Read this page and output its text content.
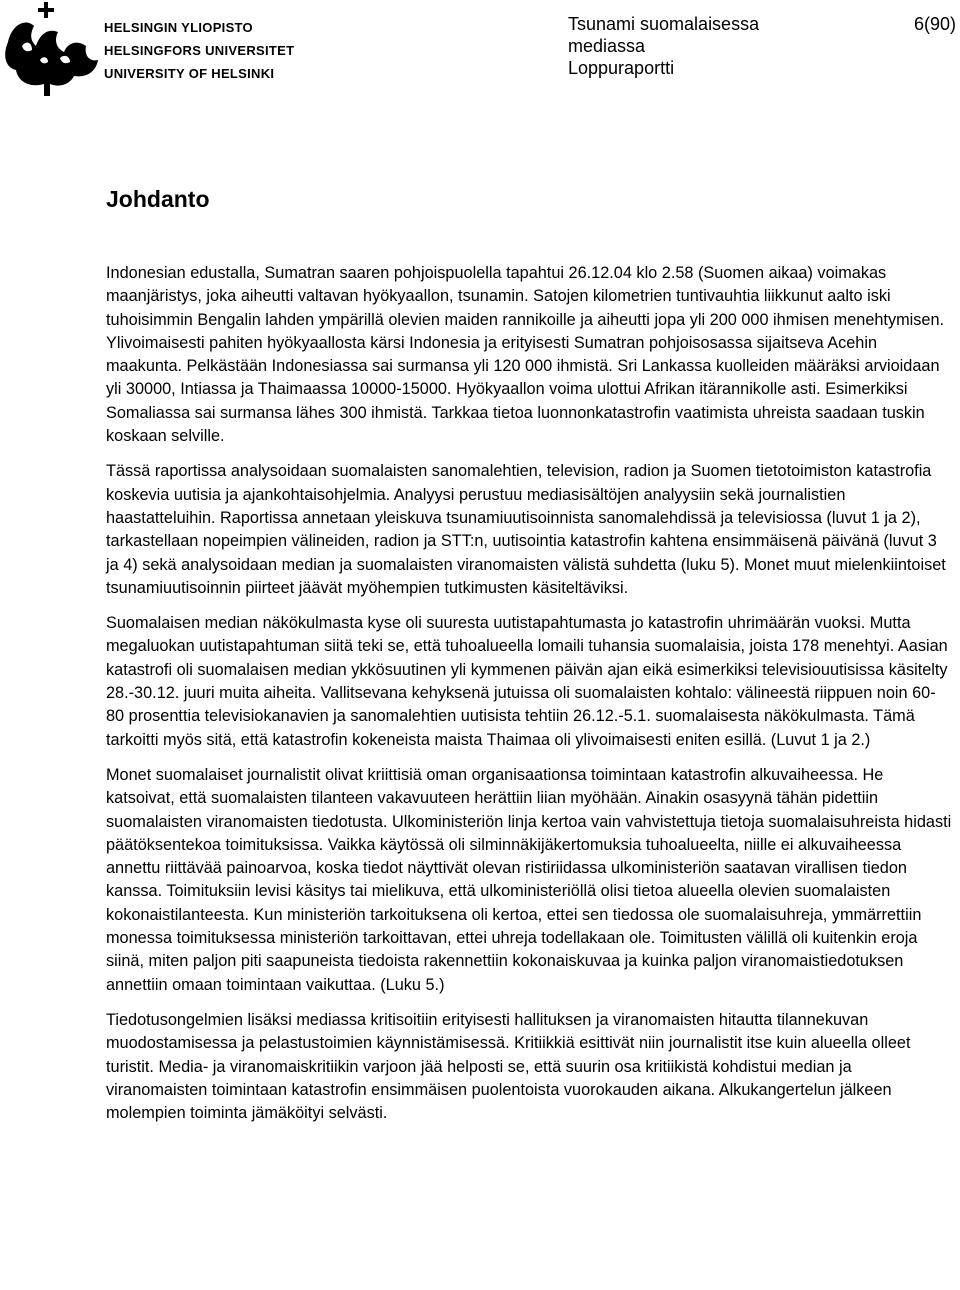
HELSINGIN YLIOPISTO
HELSINGFORS UNIVERSITET
UNIVERSITY OF HELSINKI
Tsunami suomalaisessa
mediassa
Loppuraportti
6(90)
Johdanto

Indonesian edustalla, Sumatran saaren pohjoispuolella tapahtui 26.12.04 klo 2.58 (Suomen aikaa) voimakas maanjäristys, joka aiheutti valtavan hyökyaallon, tsunamin. Satojen kilometrien tuntivauhtia liikkunut aalto iski tuhoisimmin Bengalin lahden ympärillä olevien maiden rannikoille ja aiheutti jopa yli 200 000 ihmisen menehtymisen. Ylivoimaisesti pahiten hyökyaallosta kärsi Indonesia ja erityisesti Sumatran pohjoisosassa sijaitseva Acehin maakunta. Pelkästään Indonesiassa sai surmansa yli 120 000 ihmistä. Sri Lankassa kuolleiden määräksi arvioidaan yli 30000, Intiassa ja Thaimaassa 10000-15000. Hyökyaallon voima ulottui Afrikan itärannikolle asti. Esimerkiksi Somaliassa sai surmansa lähes 300 ihmistä. Tarkkaa tietoa luonnonkatastrofin vaatimista uhreista saadaan tuskin koskaan selville.

Tässä raportissa analysoidaan suomalaisten sanomalehtien, television, radion ja Suomen tietotoimiston katastrofia koskevia uutisia ja ajankohtaisohjelmia. Analyysi perustuu mediasisältöjen analyysiin sekä journalistien haastatteluihin. Raportissa annetaan yleiskuva tsunamiuutisoinnista sanomalehdissä ja televisiossa (luvut 1 ja 2), tarkastellaan nopeimpien välineiden, radion ja STT:n, uutisointia katastrofin kahtena ensimmäisenä päivänä (luvut 3 ja 4) sekä analysoidaan median ja suomalaisten viranomaisten välistä suhdetta (luku 5). Monet muut mielenkiintoiset tsunamiuutisoinnin piirteet jäävät myöhempien tutkimusten käsiteltäviksi.

Suomalaisen median näkökulmasta kyse oli suuresta uutistapahtumasta jo katastrofin uhrimäärän vuoksi. Mutta megaluokan uutistapahtuman siitä teki se, että tuhoalueella lomaili tuhansia suomalaisia, joista 178 menehtyi. Aasian katastrofi oli suomalaisen median ykkösuutinen yli kymmenen päivän ajan eikä esimerkiksi televisiouutisissa käsitelty 28.-30.12. juuri muita aiheita. Vallitsevana kehyksenä jutuissa oli suomalaisten kohtalo: välineestä riippuen noin 60-80 prosenttia televisiokanavien ja sanomalehtien uutisista tehtiin 26.12.-5.1. suomalaisesta näkökulmasta. Tämä tarkoitti myös sitä, että katastrofin kokeneista maista Thaimaa oli ylivoimaisesti eniten esillä. (Luvut 1 ja 2.)

Monet suomalaiset journalistit olivat kriittisiä oman organisaationsa toimintaan katastrofin alkuvaiheessa. He katsoivat, että suomalaisten tilanteen vakavuuteen herättiin liian myöhään. Ainakin osasyynä tähän pidettiin suomalaisten viranomaisten tiedotusta. Ulkoministeriön linja kertoa vain vahvistettuja tietoja suomalaisuhreista hidasti päätöksentekoa toimituksissa. Vaikka käytössä oli silminnäkijäkertomuksia tuhoalueelta, niille ei alkuvaiheessa annettu riittävää painoarvoa, koska tiedot näyttivät olevan ristiriidassa ulkoministeriön saatavan virallisen tiedon kanssa. Toimituksiin levisi käsitys tai mielikuva, että ulkoministeriöllä olisi tietoa alueella olevien suomalaisten kokonaistilanteesta. Kun ministeriön tarkoituksena oli kertoa, ettei sen tiedossa ole suomalaisuhreja, ymmärrettiin monessa toimituksessa ministeriön tarkoittavan, ettei uhreja todellakaan ole. Toimitusten välillä oli kuitenkin eroja siinä, miten paljon piti saapuneista tiedoista rakennettiin kokonaiskuvaa ja kuinka paljon viranomaistiedotuksen annettiin omaan toimintaan vaikuttaa. (Luku 5.)

Tiedotusongelmien lisäksi mediassa kritisoitiin erityisesti hallituksen ja viranomaisten hitautta tilannekuvan muodostamisessa ja pelastustoimien käynnistämisessä. Kritiikkiä esittivät niin journalistit itse kuin alueella olleet turistit. Media- ja viranomaiskritiikin varjoon jää helposti se, että suurin osa kritiikistä kohdistui median ja viranomaisten toimintaan katastrofin ensimmäisen puolentoista vuorokauden aikana. Alkukangertelun jälkeen molempien toiminta jämäköityi selvästi.
